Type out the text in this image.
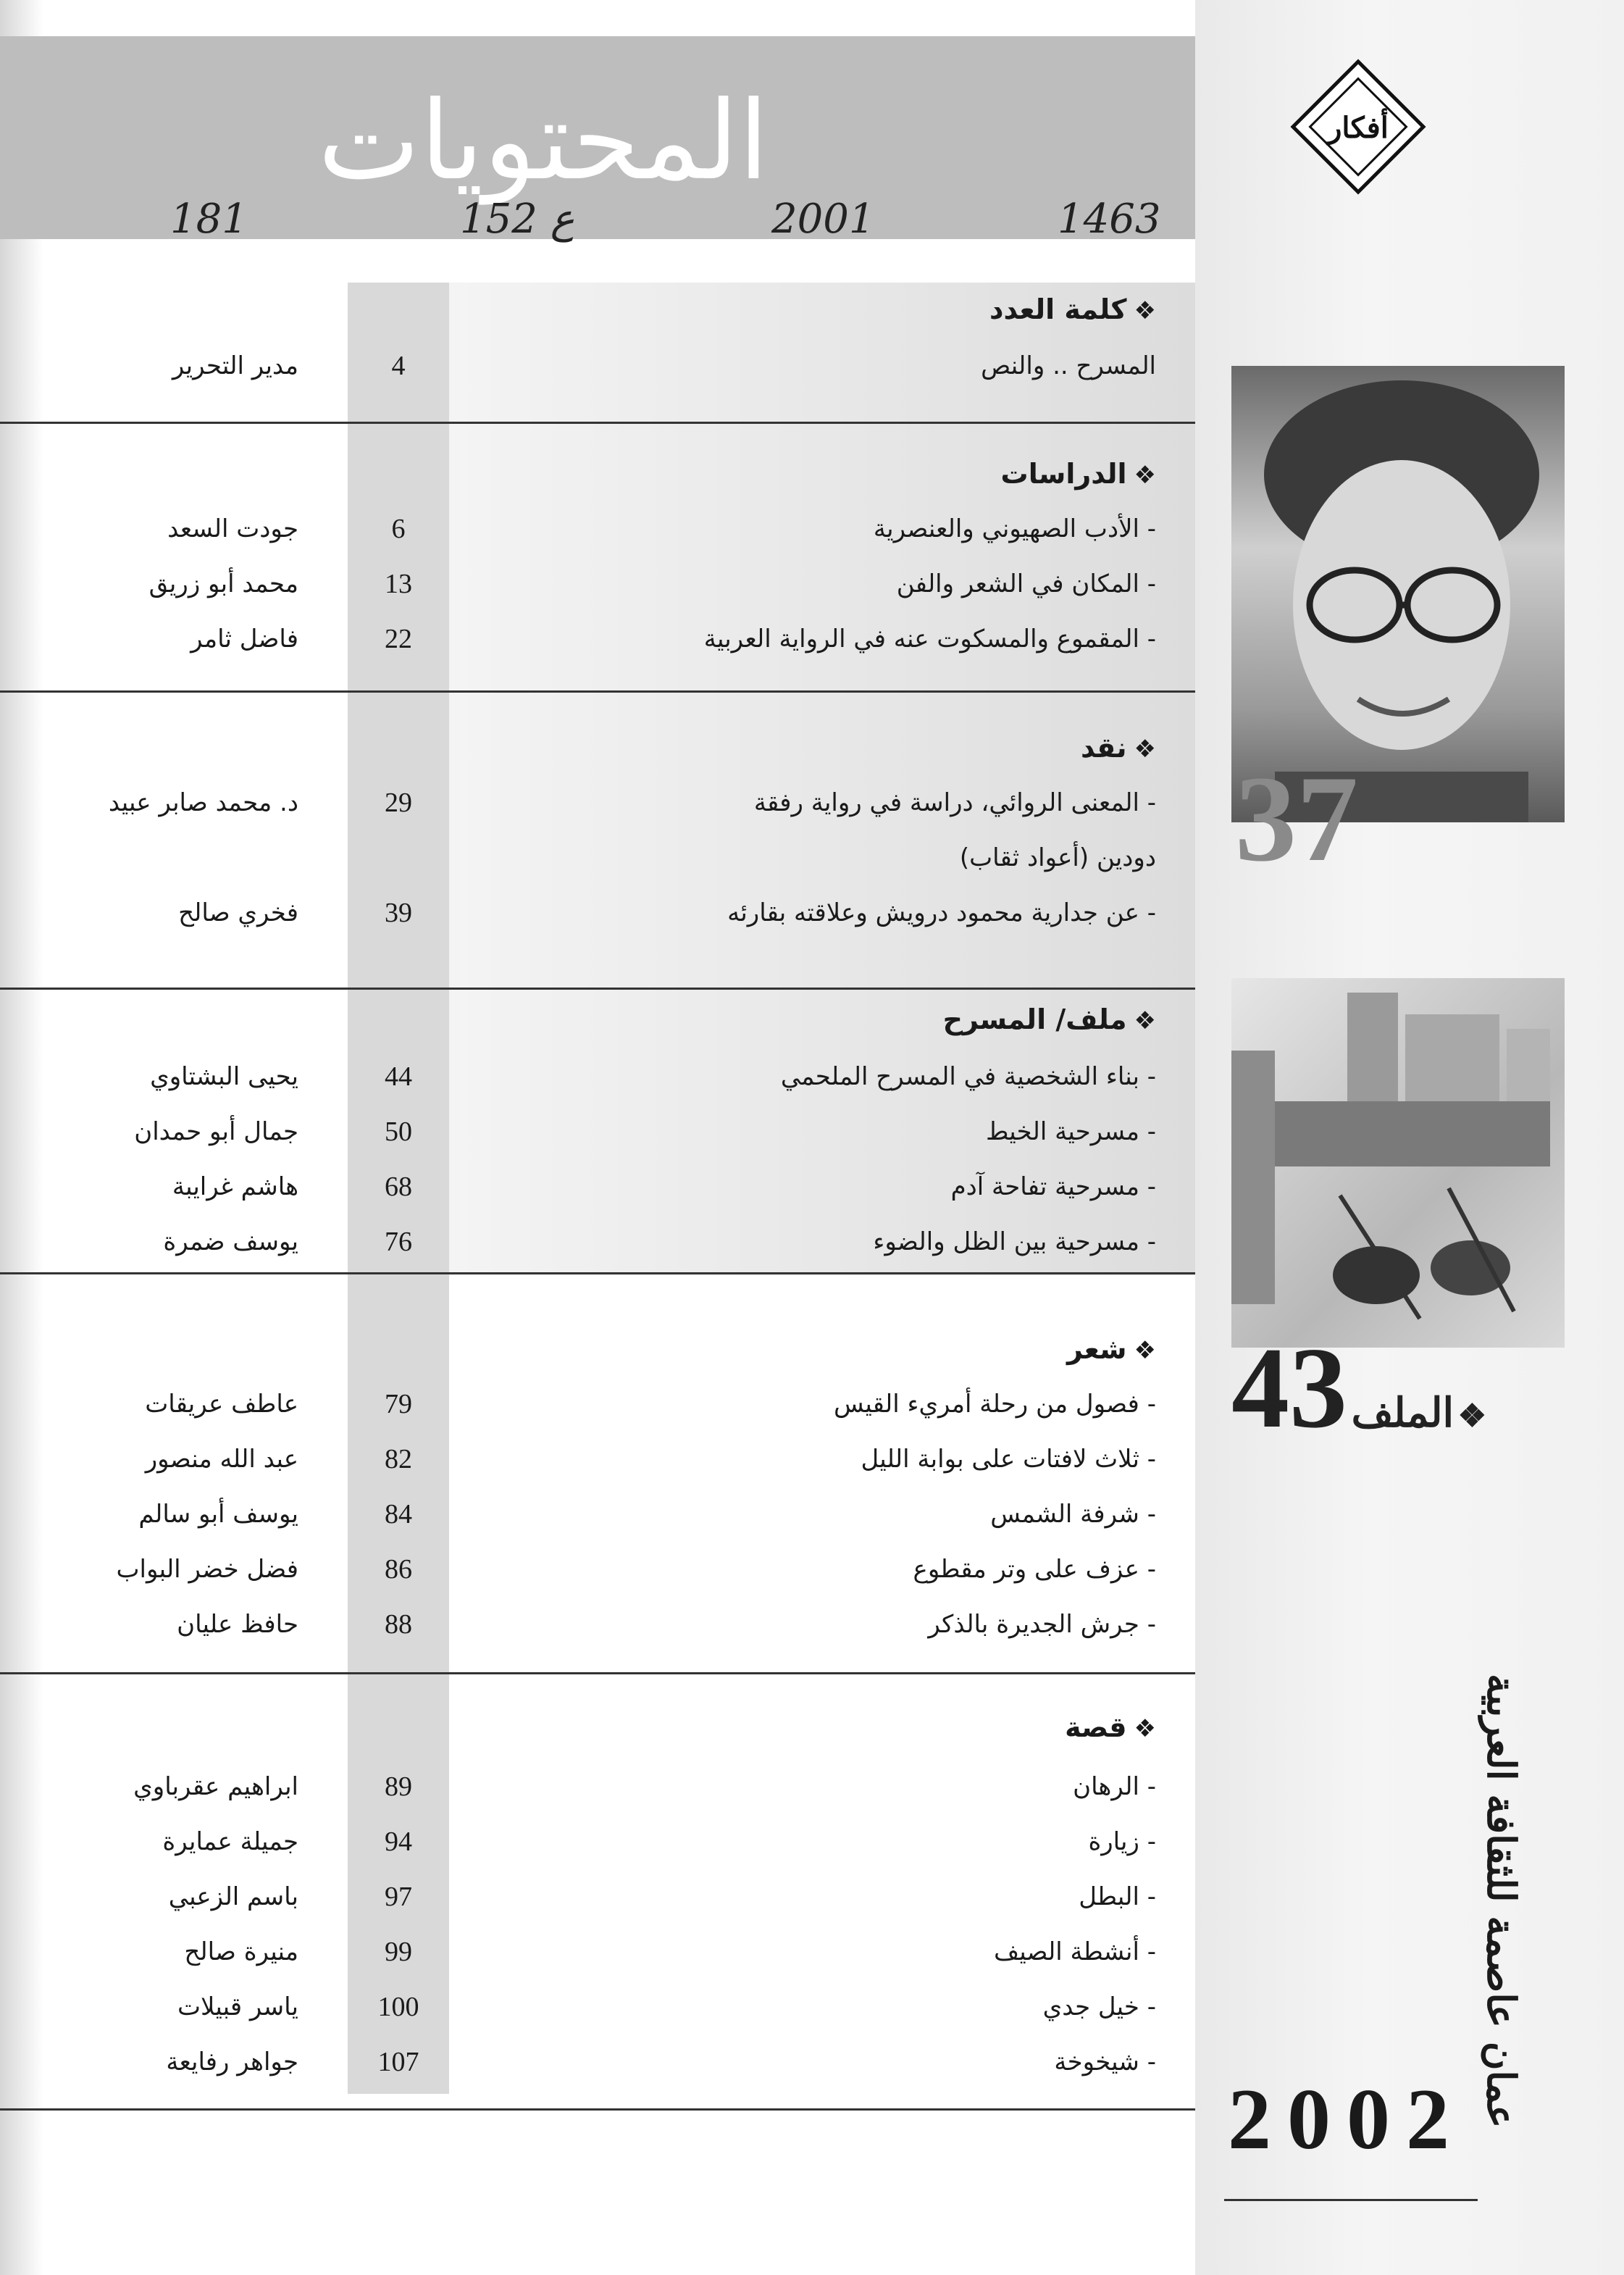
المحتويات
1463
2001
ع 152
181
أفكار
❖كلمة العدد
المسرح .. والنص
4
مدير التحرير
❖الدراسات
- الأدب الصهيوني والعنصرية
6
جودت السعد
- المكان في الشعر والفن
13
محمد أبو زريق
- المقموع والمسكوت عنه في الرواية العربية
22
فاضل ثامر
❖نقد
- المعنى الروائي، دراسة في رواية رفقة
29
د. محمد صابر عبيد
دودين (أعواد ثقاب)
- عن جدارية محمود درويش وعلاقته بقارئه
39
فخري صالح
❖ملف/ المسرح
- بناء الشخصية في المسرح الملحمي
44
يحيى البشتاوي
- مسرحية الخيط
50
جمال أبو حمدان
- مسرحية تفاحة آدم
68
هاشم غرايبة
- مسرحية بين الظل والضوء
76
يوسف ضمرة
❖شعر
- فصول من رحلة أمريء القيس
79
عاطف عريقات
- ثلاث لافتات على بوابة الليل
82
عبد الله منصور
- شرفة الشمس
84
يوسف أبو سالم
- عزف على وتر مقطوع
86
فضل خضر البواب
- جرش الجديرة بالذكر
88
حافظ عليان
❖قصة
- الرهان
89
ابراهيم عقرباوي
- زيارة
94
جميلة عمايرة
- البطل
97
باسم الزعبي
- أنشطة الصيف
99
منيرة صالح
- خيل جدي
100
ياسر قبيلات
- شيخوخة
107
جواهر رفايعة
37
❖ الملف 43
عمان عاصمة للثقافة العربية
2002
